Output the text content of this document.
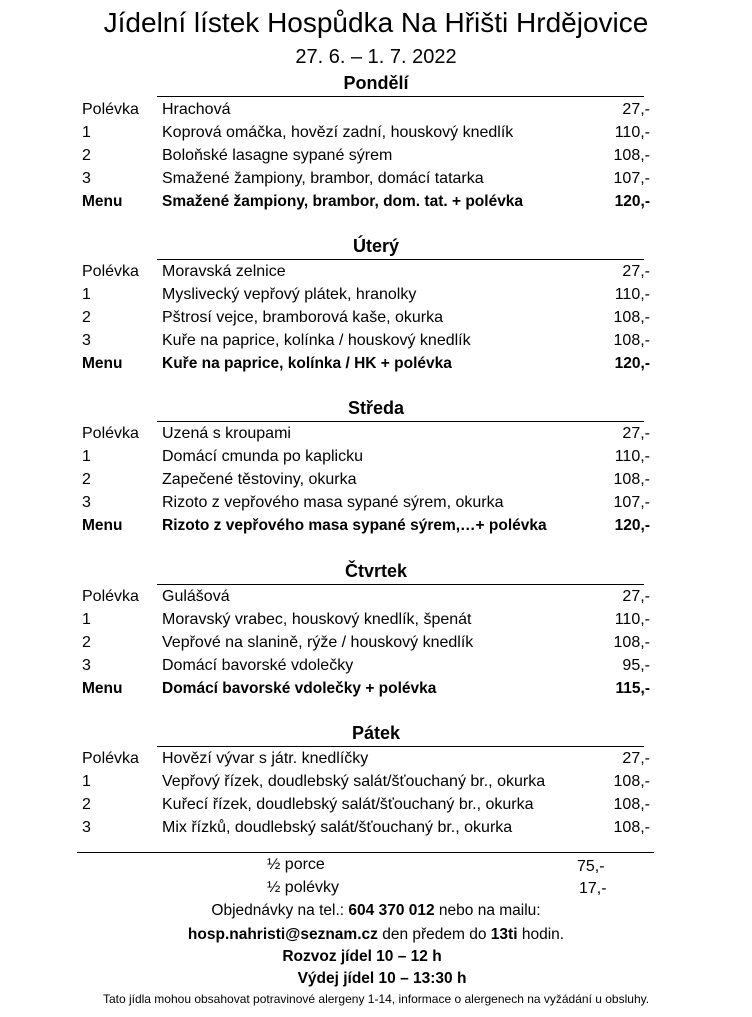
Jídelní lístek Hospůdka Na Hřišti Hrdějovice
27. 6. – 1. 7. 2022
Pondělí
Polévka Hrachová	27,-
1	Koprová omáčka, hovězí zadní, houskový knedlík	110,-
2	Boloňské lasagne sypané sýrem	108,-
3	Smažené žampiony, brambor, domácí tatarka	107,-
Menu	Smažené žampiony, brambor, dom. tat. + polévka	120,-
Úterý
Polévka Moravská zelnice	27,-
1	Myslivecký vepřový plátek, hranolky	110,-
2	Pštrosí vejce, bramborová kaše, okurka	108,-
3	Kuře na paprice, kolínka / houskový knedlík	108,-
Menu	Kuře na paprice, kolínka / HK + polévka	120,-
Středa
Polévka Uzená s kroupami	27,-
1	Domácí cmunda po kaplicku	110,-
2	Zapečené těstoviny, okurka	108,-
3	Rizoto z vepřového masa sypané sýrem, okurka	107,-
Menu	Rizoto z vepřového masa sypané sýrem,…+ polévka	120,-
Čtvrtek
Polévka Gulášová	27,-
1	Moravský vrabec, houskový knedlík, špenát	110,-
2	Vepřové na slanině, rýže / houskový knedlík	108,-
3	Domácí bavorské vdolečky	95,-
Menu	Domácí bavorské vdolečky + polévka	115,-
Pátek
Polévka Hovězí vývar s játr. knedlíčky	27,-
1	Vepřový řízek, doudlebský salát/šťouchaný br., okurka	108,-
2	Kuřecí řízek, doudlebský salát/šťouchaný br., okurka	108,-
3	Mix řízků, doudlebský salát/šťouchaný br., okurka	108,-
½ porce	75,-
½ polévky	17,-
Objednávky na tel.: 604 370 012 nebo na mailu:
hosp.nahristi@seznam.cz den předem do 13ti hodin.
Rozvoz jídel 10 – 12 h
Výdej jídel 10 – 13:30 h
Tato jídla mohou obsahovat potravinové alergeny 1-14, informace o alergenech na vyžádání u obsluhy.
